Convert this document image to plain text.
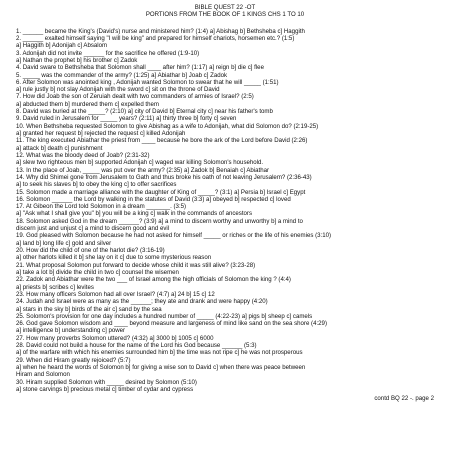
BIBLE QUEST 22 -OT
PORTIONS FROM THE BOOK OF 1 KINGS CHS 1 TO 10
1. ______ became the King's (David's) nurse and ministered him? (1:4) a] Abishag b] Bethsheba c] Haggith
2. ______ exalted himself saying "I will be king" and prepared for himself chariots, horsemen etc.? (1:5)
a] Haggith b] Adonijah c] Absalom
3. Adonijah did not invite ______ for the sacrifice he offered (1:9-10)
a] Nathan the prophet b] his brother c] Zadok
4. David sware to Bethsheba that Solomon shall ____ after him? (1:17) a] reign b] die c] flee
5. _____ was the commander of the army? (1:25) a] Abiathar b] Joab c] Zadok
6. After Solomon was anointed king , Adonijah wanted Solomon to swear that he will _____ (1:51)
a] rule justly b] not slay Adonijah with the sword c] sit on the throne of David
7. How did Joab the son of Zeruiah dealt with two commanders of armies of Israel? (2:5)
a] abducted them b] murdered them c] expelled them
8. David was buried at the _____? (2:10) a] city of David b] Eternal city c] near his father's tomb
9. David ruled in Jerusalem for _____ years? (2:11) a] thirty three b] forty c] seven
10. When Bethsheba requested Solomon to give Abishag as a wife to Adonijah, what did Solomon do? (2:19-25)
a] granted her request b] rejected the request c] killed Adonijah
11. The king executed Abiathar the priest from ____ because he bore the ark of the Lord before David (2:26)
a] attack b] death c] punishment
12. What was the bloody deed of Joab? (2:31-32)
a] slew two righteous men b] supported Adonijah c] waged war killing Solomon's household.
13. In the place of Joab, _____ was put over the army? (2:35) a] Zadok b] Benaiah c] Abiathar
14. Why did Shimei gone from Jerusalem to Gath and thus broke his oath of not leaving Jerusalem? (2:36-43)
a] to seek his slaves b] to obey the king c] to offer sacrifices
15. Solomon made a marriage alliance with the daughter of King of _____? (3:1) a] Persia b] Israel c] Egypt
16. Solomon ______ the Lord by walking in the statutes of David (3:3) a] obeyed b] respected c] loved
17. At Gibeon the Lord told Solomon in a dream _______. (3:5)
a] "Ask what I shall give you" b] you will be a king c] walk in the commands of ancestors
18. Solomon asked God in the dream ______? (3:9) a] a mind to discern worthy and unworthy b] a mind to
discern just and unjust c] a mind to discern good and evil
19. God pleased with Solomon because he had not asked for himself _____ or riches or the life of his enemies (3:10)
a] land b] long life c] gold and silver
20. How did the child of one of the harlot die? (3:16-19)
a] other harlots killed it b] she lay on it c] due to some mysterious reason
21. What proposal Solomon put forward to decide whose child it was still alive? (3:23-28)
a] take a lot b] divide the child in two c] counsel the wisemen
22. Zadok and Abiathar were the two ___ of Israel among the high officials of Solomon the king ? (4:4)
a] priests b] scribes c] levites
23. How many officers Solomon had all over Israel? (4:7) a] 24 b] 15 c] 12
24. Judah and Israel were as many as the ______; they ate and drank and were happy (4:20)
a] stars in the sky b] birds of the air c] sand by the sea
25. Solomon's provision for one day includes a hundred number of _____ (4:22-23) a] pigs b] sheep c] camels
26. God gave Solomon wisdom and ____ beyond measure and largeness of mind like sand on the sea shore (4:29)
a] intelligence b] understanding c] power
27. How many proverbs Solomon uttered? (4:32) a] 3000 b] 1005 c] 6000
28. David could not build a house for the name of the Lord his God because ______ (5:3)
a] of the warfare with which his enemies surrounded him b] the time was not ripe c] he was not prosperous
29. When did Hiram greatly rejoiced? (5:7)
a] when he heard the words of Solomon b] for giving a wise son to David c] when there was peace between
Hiram and Solomon
30. Hiram supplied Solomon with _____ desired by Solomon (5:10)
a] stone carvings b] precious metal c] timber of cydar and cypress
contd BQ 22 -. page 2
